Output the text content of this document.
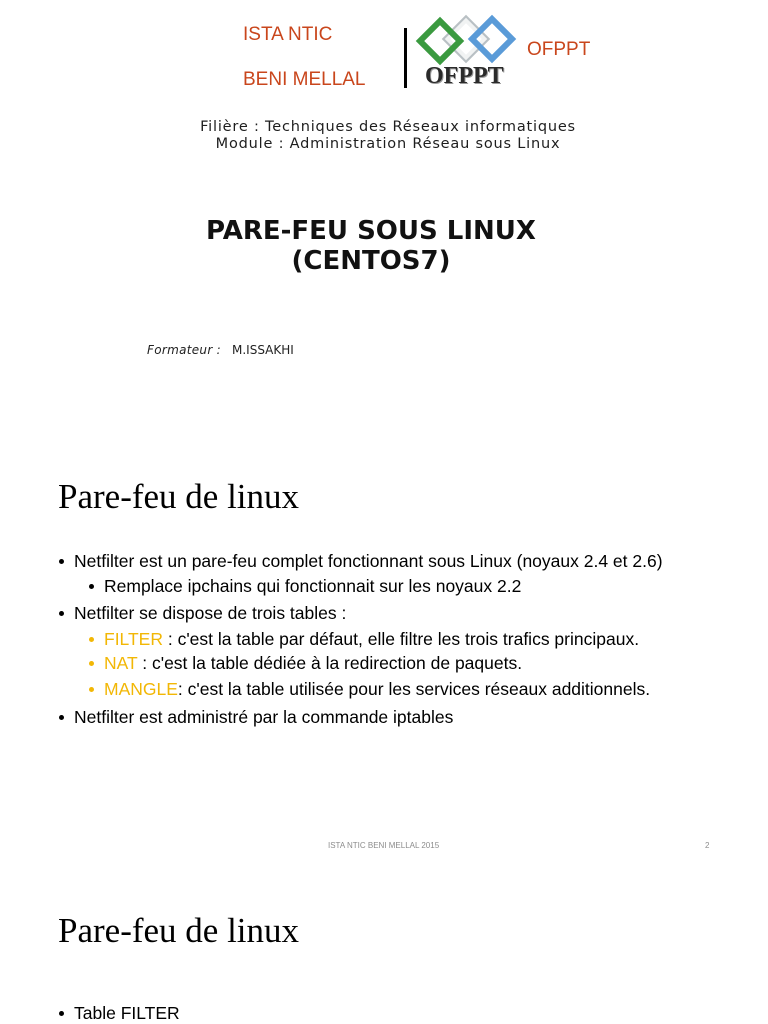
ISTA NTIC
BENI MELLAL OFPPT
OFPPT
Filière : Techniques des Réseaux informatiques
Module : Administration Réseau sous Linux
PARE-FEU SOUS LINUX
(CENTOS7)
Formateur : M.ISSAKHI
Pare-feu de linux
Netfilter est un pare-feu complet fonctionnant sous Linux (noyaux 2.4 et 2.6)
Remplace ipchains qui fonctionnait sur les noyaux 2.2
Netfilter se dispose de trois tables :
FILTER : c'est la table par défaut, elle filtre les trois trafics principaux.
NAT : c'est la table dédiée à la redirection de paquets.
MANGLE: c'est la table utilisée pour les services réseaux additionnels.
Netfilter est administré par la commande iptables
ISTA NTIC BENI MELLAL 2015	2
Pare-feu de linux
Table FILTER
